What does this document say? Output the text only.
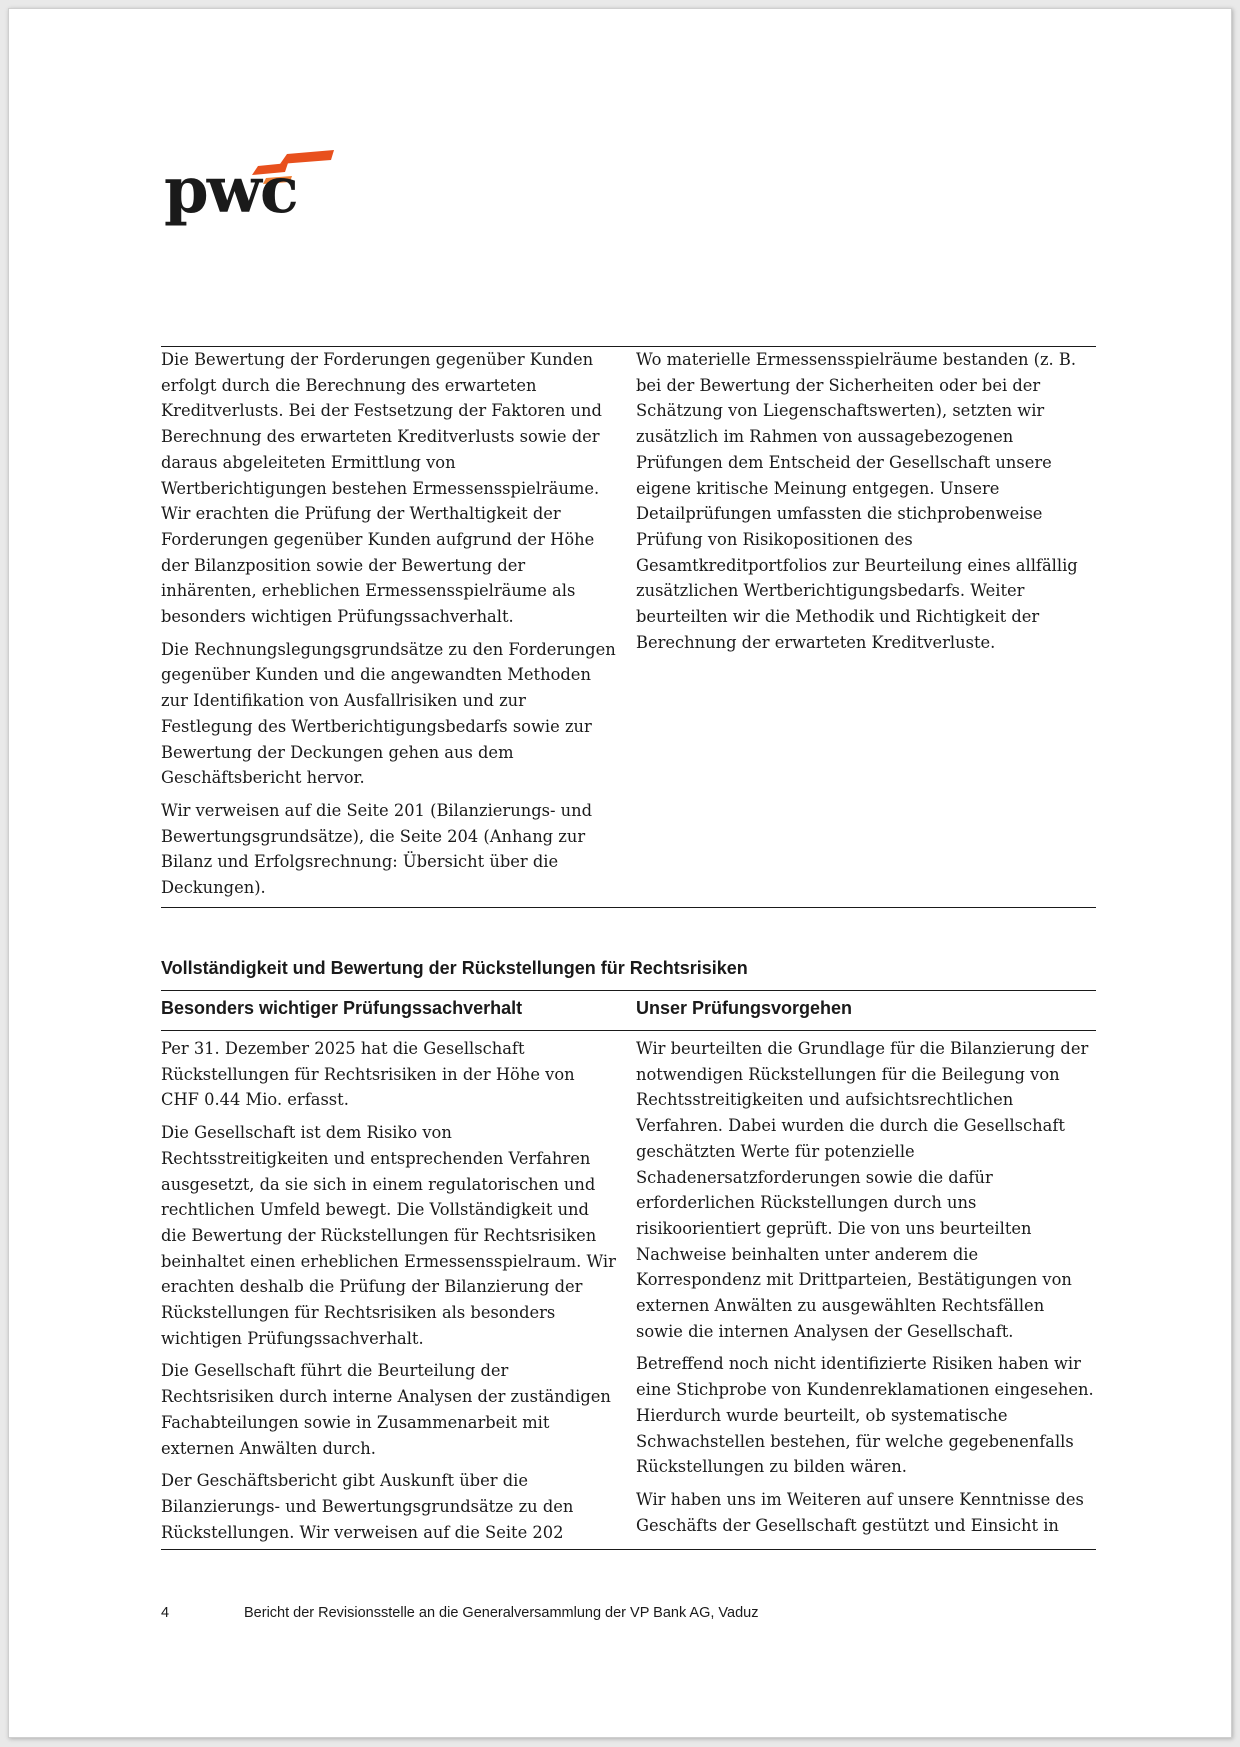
pwc

Die Bewertung der Forderungen gegenüber Kunden erfolgt durch die Berechnung des erwarteten Kreditverlusts. Bei der Festsetzung der Faktoren und Berechnung des erwarteten Kreditverlusts sowie der daraus abgeleiteten Ermittlung von Wertberichtigungen bestehen Ermessensspielräume. Wir erachten die Prüfung der Werthaltigkeit der Forderungen gegenüber Kunden aufgrund der Höhe der Bilanzposition sowie der Bewertung der inhärenten, erheblichen Ermessensspielräume als besonders wichtigen Prüfungssachverhalt.

Die Rechnungslegungsgrundsätze zu den Forderungen gegenüber Kunden und die angewandten Methoden zur Identifikation von Ausfallrisiken und zur Festlegung des Wertberichtigungsbedarfs sowie zur Bewertung der Deckungen gehen aus dem Geschäftsbericht hervor.

Wir verweisen auf die Seite 201 (Bilanzierungs- und Bewertungsgrundsätze), die Seite 204 (Anhang zur Bilanz und Erfolgsrechnung: Übersicht über die Deckungen).

Wo materielle Ermessensspielräume bestanden (z. B. bei der Bewertung der Sicherheiten oder bei der Schätzung von Liegenschaftswerten), setzten wir zusätzlich im Rahmen von aussagebezogenen Prüfungen dem Entscheid der Gesellschaft unsere eigene kritische Meinung entgegen. Unsere Detailprüfungen umfassten die stichprobenweise Prüfung von Risikopositionen des Gesamtkreditportfolios zur Beurteilung eines allfällig zusätzlichen Wertberichtigungsbedarfs. Weiter beurteilten wir die Methodik und Richtigkeit der Berechnung der erwarteten Kreditverluste.

Vollständigkeit und Bewertung der Rückstellungen für Rechtsrisiken
Besonders wichtiger Prüfungssachverhalt	Unser Prüfungsvorgehen

Per 31. Dezember 2025 hat die Gesellschaft Rückstellungen für Rechtsrisiken in der Höhe von CHF 0.44 Mio. erfasst.

Die Gesellschaft ist dem Risiko von Rechtsstreitigkeiten und entsprechenden Verfahren ausgesetzt, da sie sich in einem regulatorischen und rechtlichen Umfeld bewegt. Die Vollständigkeit und die Bewertung der Rückstellungen für Rechtsrisiken beinhaltet einen erheblichen Ermessensspielraum. Wir erachten deshalb die Prüfung der Bilanzierung der Rückstellungen für Rechtsrisiken als besonders wichtigen Prüfungssachverhalt.

Die Gesellschaft führt die Beurteilung der Rechtsrisiken durch interne Analysen der zuständigen Fachabteilungen sowie in Zusammenarbeit mit externen Anwälten durch.

Der Geschäftsbericht gibt Auskunft über die Bilanzierungs- und Bewertungsgrundsätze zu den Rückstellungen. Wir verweisen auf die Seite 202

Wir beurteilten die Grundlage für die Bilanzierung der notwendigen Rückstellungen für die Beilegung von Rechtsstreitigkeiten und aufsichtsrechtlichen Verfahren. Dabei wurden die durch die Gesellschaft geschätzten Werte für potenzielle Schadenersatzforderungen sowie die dafür erforderlichen Rückstellungen durch uns risikoorientiert geprüft. Die von uns beurteilten Nachweise beinhalten unter anderem die Korrespondenz mit Drittparteien, Bestätigungen von externen Anwälten zu ausgewählten Rechtsfällen sowie die internen Analysen der Gesellschaft.

Betreffend noch nicht identifizierte Risiken haben wir eine Stichprobe von Kundenreklamationen eingesehen. Hierdurch wurde beurteilt, ob systematische Schwachstellen bestehen, für welche gegebenenfalls Rückstellungen zu bilden wären.

Wir haben uns im Weiteren auf unsere Kenntnisse des Geschäfts der Gesellschaft gestützt und Einsicht in

4	Bericht der Revisionsstelle an die Generalversammlung der VP Bank AG, Vaduz
